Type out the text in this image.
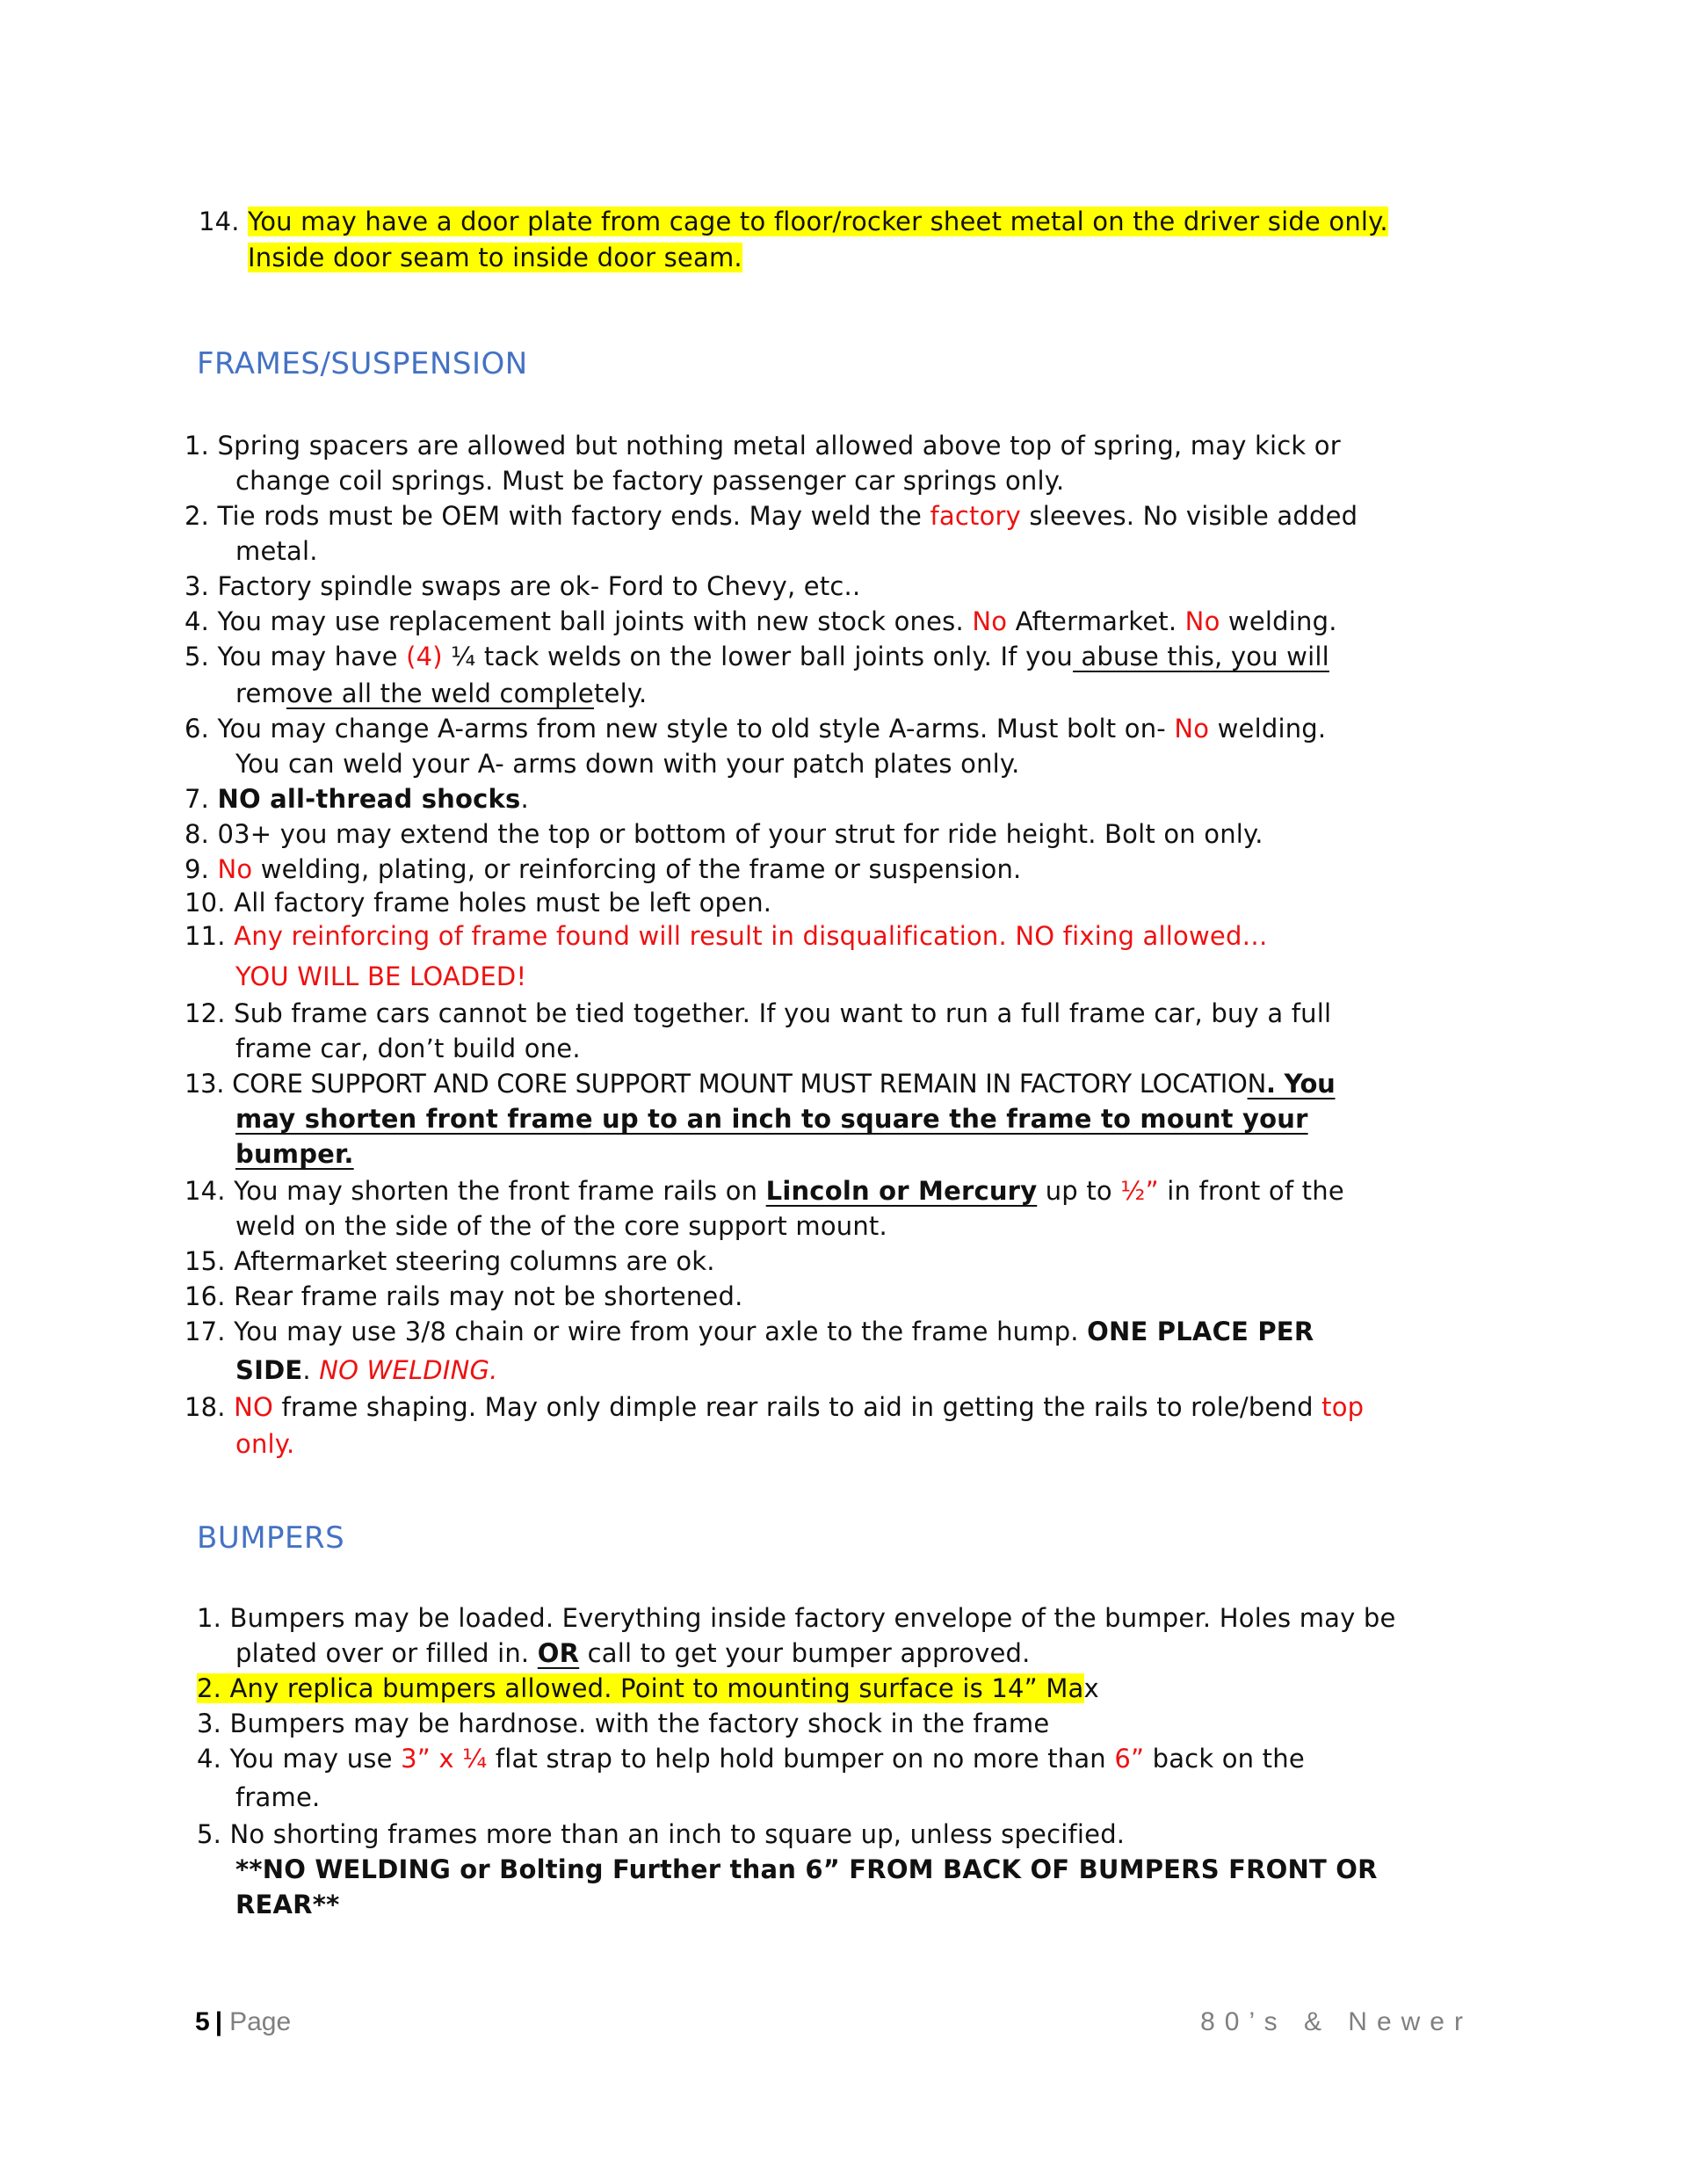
14. You may have a door plate from cage to floor/rocker sheet metal on the driver side only.
Inside door seam to inside door seam.
FRAMES/SUSPENSION
1. Spring spacers are allowed but nothing metal allowed above top of spring, may kick or
change coil springs. Must be factory passenger car springs only.
2. Tie rods must be OEM with factory ends. May weld the factory sleeves. No visible added
metal.
3. Factory spindle swaps are ok- Ford to Chevy, etc..
4. You may use replacement ball joints with new stock ones. No Aftermarket. No welding.
5. You may have (4) ¼ tack welds on the lower ball joints only. If you abuse this, you will
remove all the weld completely.
6. You may change A-arms from new style to old style A-arms. Must bolt on- No welding.
You can weld your A- arms down with your patch plates only.
7. NO all-thread shocks.
8. 03+ you may extend the top or bottom of your strut for ride height. Bolt on only.
9. No welding, plating, or reinforcing of the frame or suspension.
10. All factory frame holes must be left open.
11. Any reinforcing of frame found will result in disqualification. NO fixing allowed…
YOU WILL BE LOADED!
12. Sub frame cars cannot be tied together. If you want to run a full frame car, buy a full
frame car, don’t build one.
13. CORE SUPPORT AND CORE SUPPORT MOUNT MUST REMAIN IN FACTORY LOCATION. You
may shorten front frame up to an inch to square the frame to mount your
bumper.
14. You may shorten the front frame rails on Lincoln or Mercury up to ½” in front of the
weld on the side of the of the core support mount.
15. Aftermarket steering columns are ok.
16. Rear frame rails may not be shortened.
17. You may use 3/8 chain or wire from your axle to the frame hump. ONE PLACE PER
SIDE. NO WELDING.
18. NO frame shaping. May only dimple rear rails to aid in getting the rails to role/bend top
only.
BUMPERS
1. Bumpers may be loaded. Everything inside factory envelope of the bumper. Holes may be
plated over or filled in. OR call to get your bumper approved.
2. Any replica bumpers allowed. Point to mounting surface is 14” Max
3. Bumpers may be hardnose. with the factory shock in the frame
4. You may use 3” x ¼ flat strap to help hold bumper on no more than 6” back on the
frame.
5. No shorting frames more than an inch to square up, unless specified.
**NO WELDING or Bolting Further than 6” FROM BACK OF BUMPERS FRONT OR
REAR**
5 | Page	80’s & Newer
